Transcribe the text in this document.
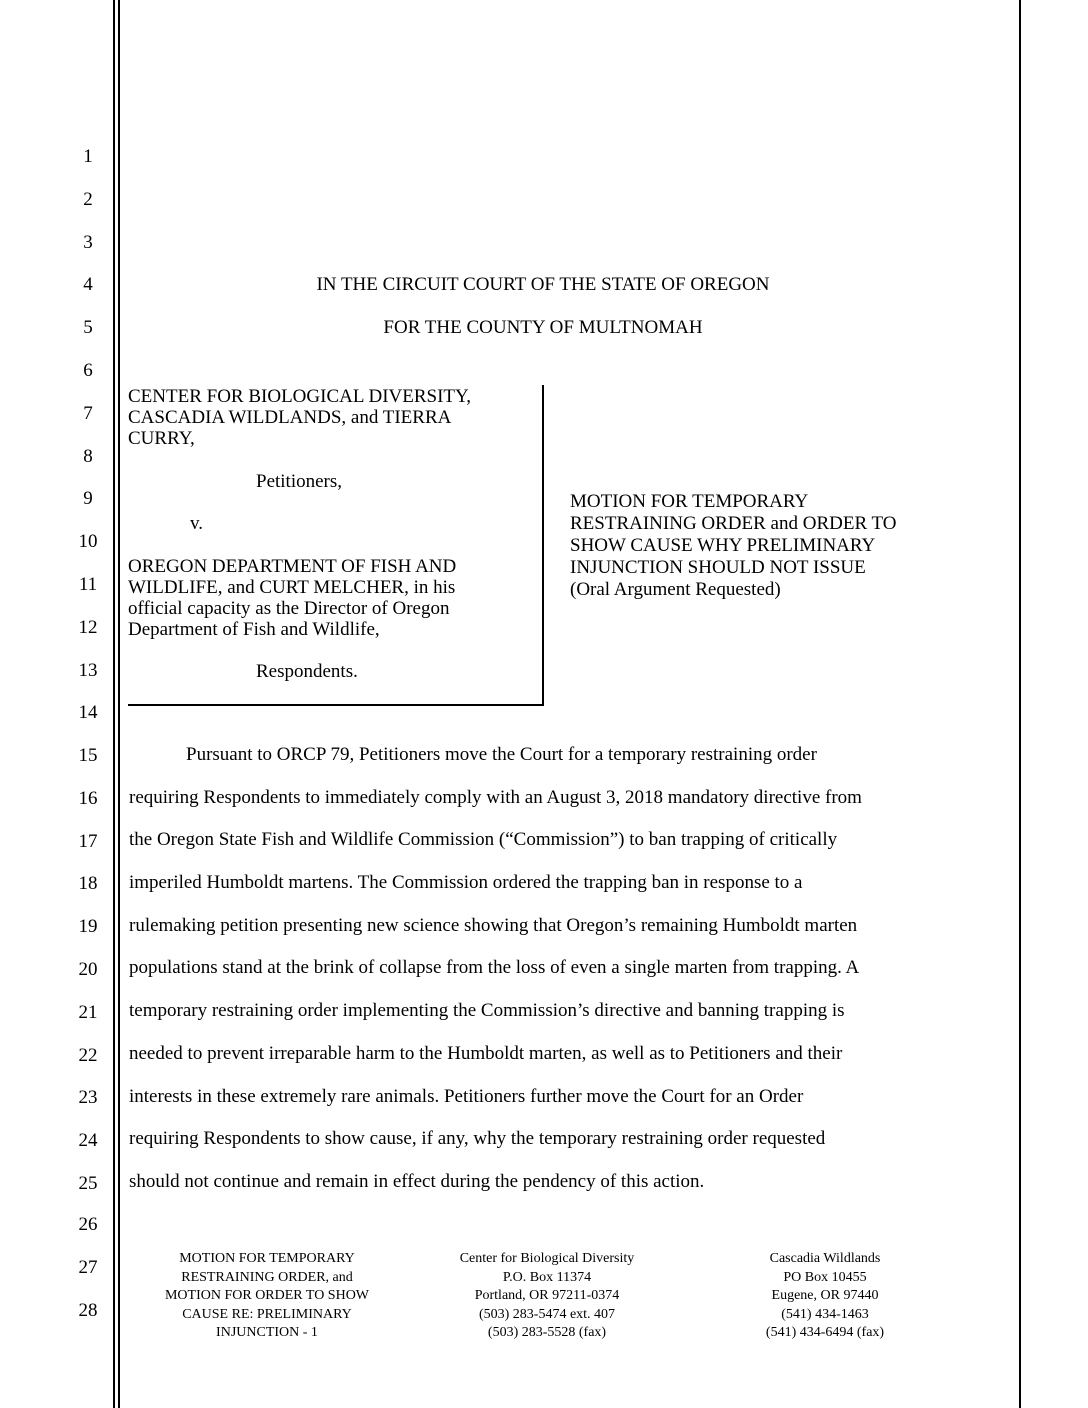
1
2
3
4
5
6
7
8
9
10
11
12
13
14
15
16
17
18
19
20
21
22
23
24
25
26
27
28
IN THE CIRCUIT COURT OF THE STATE OF OREGON
FOR THE COUNTY OF MULTNOMAH
CENTER FOR BIOLOGICAL DIVERSITY,
CASCADIA WILDLANDS, and TIERRA
CURRY,
Petitioners,
v.
OREGON DEPARTMENT OF FISH AND
WILDLIFE, and CURT MELCHER, in his
official capacity as the Director of Oregon
Department of Fish and Wildlife,
Respondents.
MOTION FOR TEMPORARY
RESTRAINING ORDER and ORDER TO
SHOW CAUSE WHY PRELIMINARY
INJUNCTION SHOULD NOT ISSUE
(Oral Argument Requested)
Pursuant to ORCP 79, Petitioners move the Court for a temporary restraining order
requiring Respondents to immediately comply with an August 3, 2018 mandatory directive from
the Oregon State Fish and Wildlife Commission (“Commission”) to ban trapping of critically
imperiled Humboldt martens. The Commission ordered the trapping ban in response to a
rulemaking petition presenting new science showing that Oregon’s remaining Humboldt marten
populations stand at the brink of collapse from the loss of even a single marten from trapping. A
temporary restraining order implementing the Commission’s directive and banning trapping is
needed to prevent irreparable harm to the Humboldt marten, as well as to Petitioners and their
interests in these extremely rare animals. Petitioners further move the Court for an Order
requiring Respondents to show cause, if any, why the temporary restraining order requested
should not continue and remain in effect during the pendency of this action.
MOTION FOR TEMPORARY
RESTRAINING ORDER, and
MOTION FOR ORDER TO SHOW
CAUSE RE: PRELIMINARY
INJUNCTION - 1
Center for Biological Diversity
P.O. Box 11374
Portland, OR 97211-0374
(503) 283-5474 ext. 407
(503) 283-5528 (fax)
Cascadia Wildlands
PO Box 10455
Eugene, OR 97440
(541) 434-1463
(541) 434-6494 (fax)
